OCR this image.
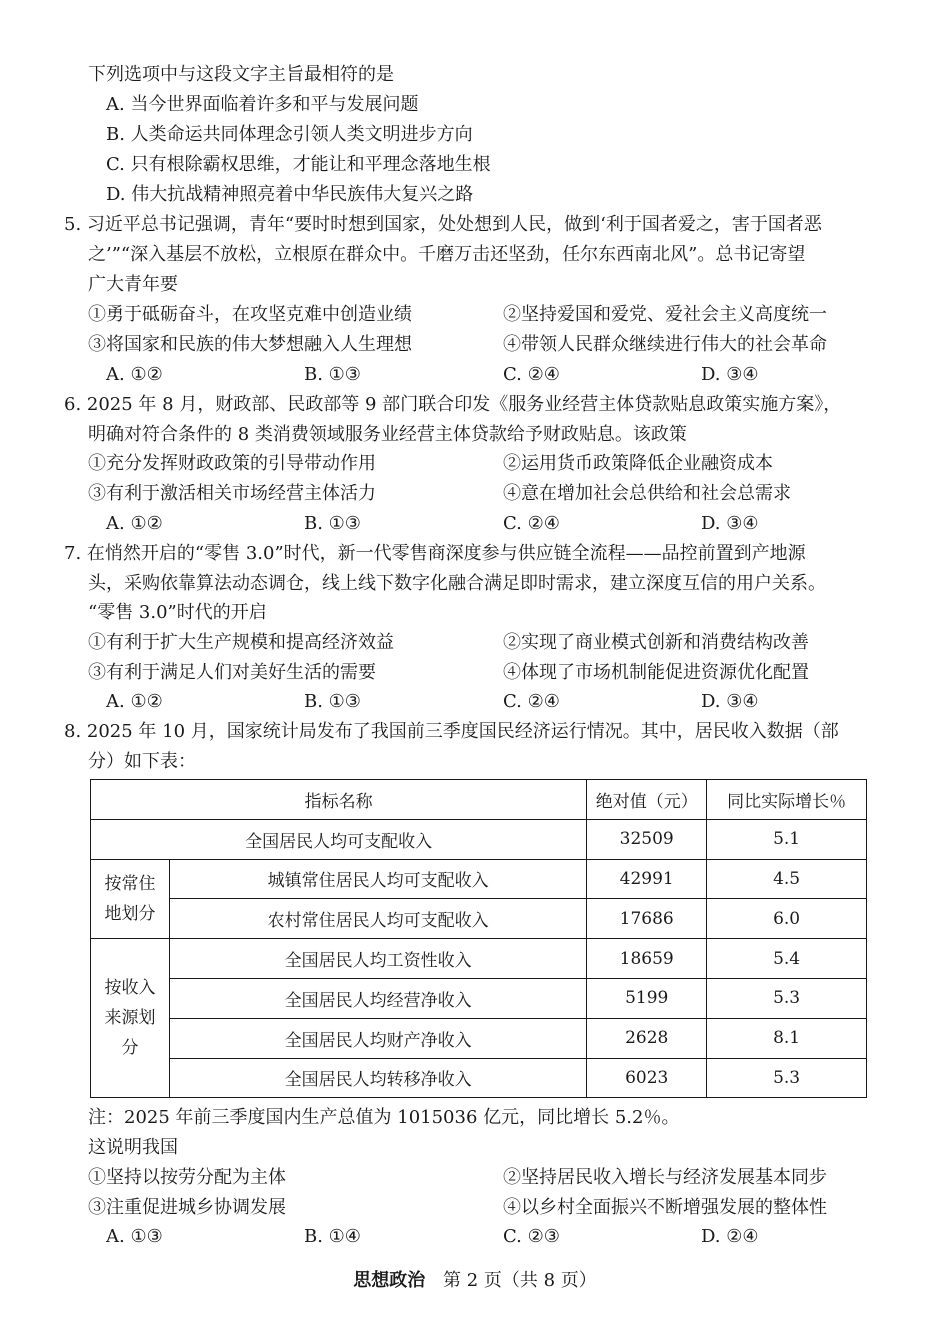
下列选项中与这段文字主旨最相符的是
A. 当今世界面临着许多和平与发展问题
B. 人类命运共同体理念引领人类文明进步方向
C. 只有根除霸权思维，才能让和平理念落地生根
D. 伟大抗战精神照亮着中华民族伟大复兴之路
5. 习近平总书记强调，青年“要时时想到国家，处处想到人民，做到‘利于国者爱之，害于国者恶
之’”“深入基层不放松，立根原在群众中。千磨万击还坚劲，任尔东西南北风”。总书记寄望
广大青年要
①勇于砥砺奋斗，在攻坚克难中创造业绩	②坚持爱国和爱党、爱社会主义高度统一
③将国家和民族的伟大梦想融入人生理想	④带领人民群众继续进行伟大的社会革命
A. ①②	B. ①③	C. ②④	D. ③④
6. 2025 年 8 月，财政部、民政部等 9 部门联合印发《服务业经营主体贷款贴息政策实施方案》，
明确对符合条件的 8 类消费领域服务业经营主体贷款给予财政贴息。该政策
①充分发挥财政政策的引导带动作用	②运用货币政策降低企业融资成本
③有利于激活相关市场经营主体活力	④意在增加社会总供给和社会总需求
A. ①②	B. ①③	C. ②④	D. ③④
7. 在悄然开启的“零售 3.0”时代，新一代零售商深度参与供应链全流程——品控前置到产地源
头，采购依靠算法动态调仓，线上线下数字化融合满足即时需求，建立深度互信的用户关系。
“零售 3.0”时代的开启
①有利于扩大生产规模和提高经济效益	②实现了商业模式创新和消费结构改善
③有利于满足人们对美好生活的需要	④体现了市场机制能促进资源优化配置
A. ①②	B. ①③	C. ②④	D. ③④
8. 2025 年 10 月，国家统计局发布了我国前三季度国民经济运行情况。其中，居民收入数据（部
分）如下表：
指标名称		绝对值（元）	同比实际增长％
全国居民人均可支配收入		32509	5.1

按常住
地划分	城镇常住居民人均可支配收入	42991	4.5
	农村常住居民人均可支配收入	17686	6.0

按收入
来源划
分	全国居民人均工资性收入	18659	5.4
	全国居民人均经营净收入	5199	5.3
	全国居民人均财产净收入	2628	8.1
	全国居民人均转移净收入	6023	5.3
注：2025 年前三季度国内生产总值为 1015036 亿元，同比增长 5.2％。
这说明我国
①坚持以按劳分配为主体	②坚持居民收入增长与经济发展基本同步
③注重促进城乡协调发展	④以乡村全面振兴不断增强发展的整体性
A. ①③	B. ①④	C. ②③	D. ②④
思想政治 第 2 页（共 8 页）
